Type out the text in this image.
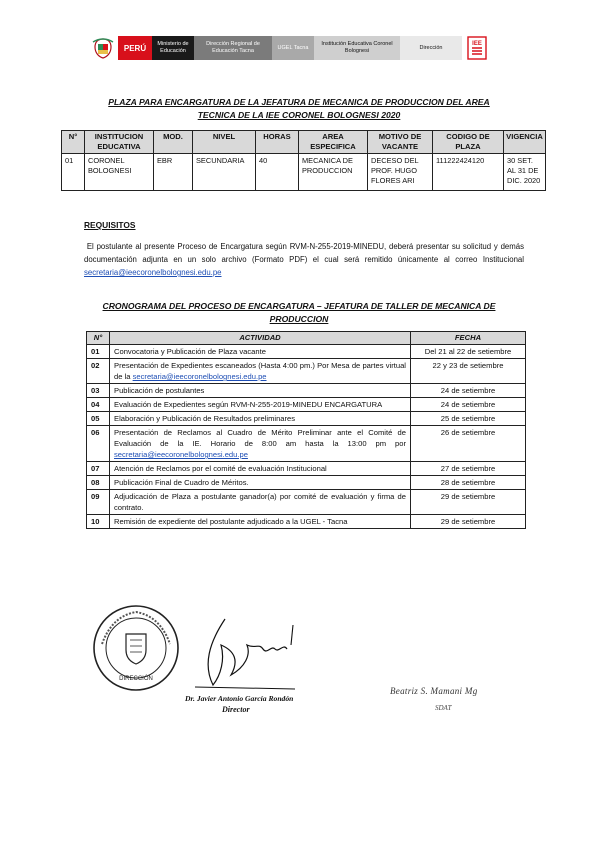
PERÚ	Ministerio de Educación
Dirección Regional de Educación Tacna
UGEL Tacna
Institución Educativa Coronel Bolognesi
Dirección
IEE
PLAZA PARA ENCARGATURA DE LA JEFATURA DE MECANICA DE PRODUCCION DEL AREA
TECNICA DE LA IEE CORONEL BOLOGNESI 2020
N°	INSTITUCION EDUCATIVA	MOD.	NIVEL	HORAS	AREA ESPECIFICA	MOTIVO DE VACANTE	CODIGO DE PLAZA	VIGENCIA
01	CORONEL BOLOGNESI	EBR	SECUNDARIA	40	MECANICA DE PRODUCCION	DECESO DEL PROF. HUGO FLORES ARI	111222424120	30 SET. AL 31 DE DIC. 2020
REQUISITOS
El postulante al presente Proceso de Encargatura según RVM-N-255-2019-MINEDU, deberá presentar su solicitud y demás documentación adjunta en un solo archivo (Formato PDF) el cual será remitido únicamente al correo Institucional secretaria@ieecoronelbolognesi.edu.pe
CRONOGRAMA DEL PROCESO DE ENCARGATURA – JEFATURA DE TALLER DE MECANICA DE
PRODUCCION
N°	ACTIVIDAD	FECHA
01	Convocatoria y Publicación de Plaza vacante	Del 21 al 22 de setiembre
02	Presentación de Expedientes escaneados (Hasta 4:00 pm.) Por Mesa de partes virtual de la secretaria@ieecoronelbolognesi.edu.pe	22 y 23 de setiembre
03	Publicación de postulantes	24 de setiembre
04	Evaluación de Expedientes según RVM-N-255-2019-MINEDU ENCARGATURA	24 de setiembre
05	Elaboración y Publicación de Resultados preliminares	25 de setiembre
06	Presentación de Reclamos al Cuadro de Mérito Preliminar ante el Comité de Evaluación de la IE. Horario de 8:00 am hasta la 13:00 pm por secretaria@ieecoronelbolognesi.edu.pe	26 de setiembre
07	Atención de Reclamos por el comité de evaluación Institucional	27 de setiembre
08	Publicación Final de Cuadro de Méritos.	28 de setiembre
09	Adjudicación de Plaza a postulante ganador(a) por comité de evaluación y firma de contrato.	29 de setiembre
10	Remisión de expediente del postulante adjudicado a la UGEL - Tacna	29 de setiembre
DIRECCIÓN
Dr. Javier Antonio García Rondón
Director
Beatriz S. Mamani Mg
SDAT
